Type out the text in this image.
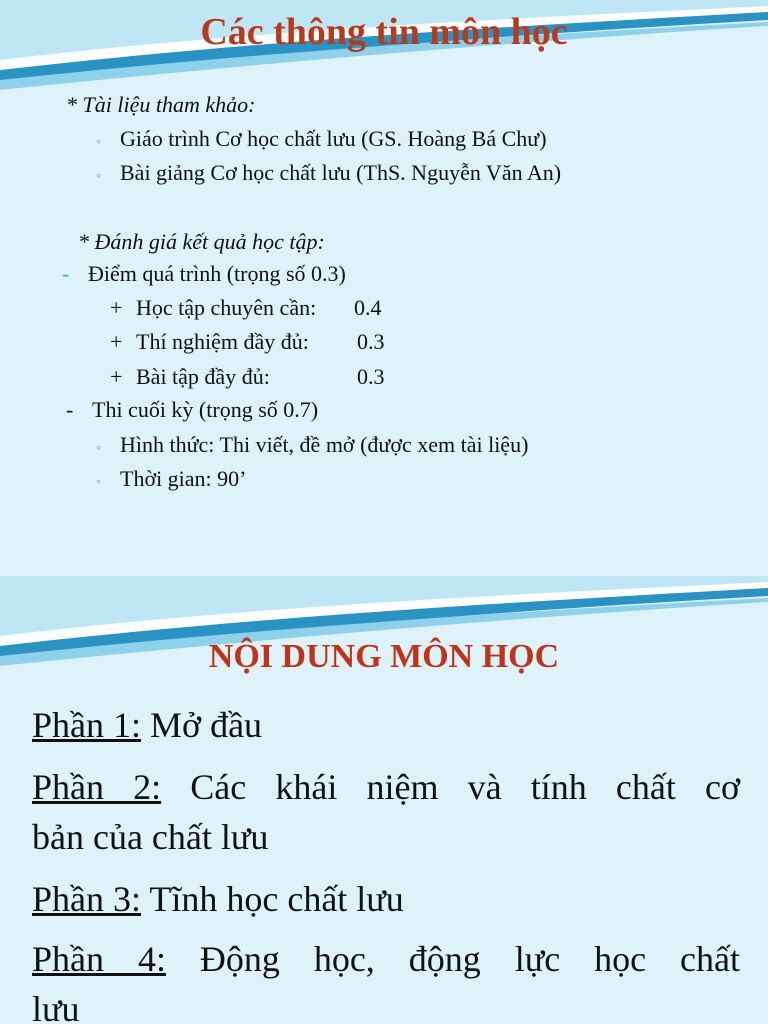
Các thông tin môn học
* Tài liệu tham khảo:
◦ Giáo trình Cơ học chất lưu (GS. Hoàng Bá Chư)
◦ Bài giảng Cơ học chất lưu (ThS. Nguyễn Văn An)
* Đánh giá kết quả học tập:
- Điểm quá trình (trọng số 0.3)
+ Học tập chuyên cần: 0.4
+ Thí nghiệm đầy đủ: 0.3
+ Bài tập đầy đủ:	0.3
- Thi cuối kỳ (trọng số 0.7)
◦ Hình thức: Thi viết, đề mở (được xem tài liệu)
◦ Thời gian: 90’
NỘI DUNG MÔN HỌC
Phần 1: Mở đầu
Phần 2: Các khái niệm và tính chất cơ
bản của chất lưu
Phần 3: Tĩnh học chất lưu
Phần 4: Động học, động lực học chất
lưu
